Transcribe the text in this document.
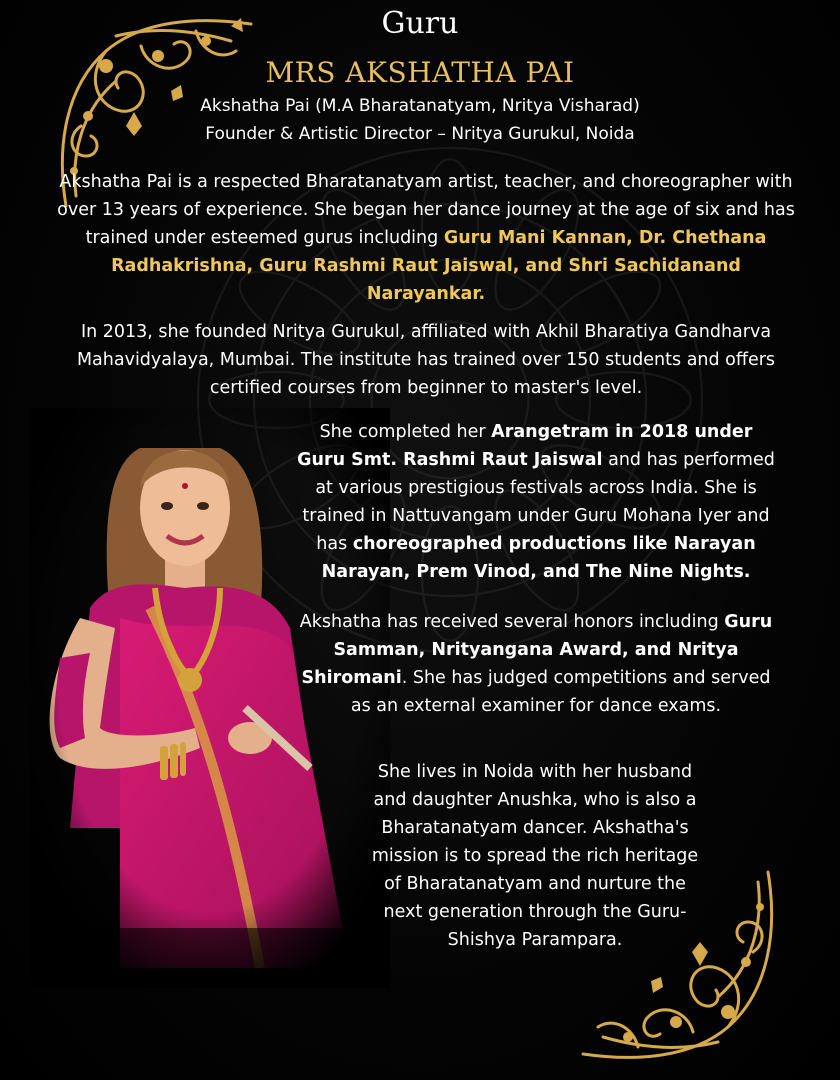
Guru
MRS AKSHATHA PAI
Akshatha Pai (M.A Bharatanatyam, Nritya Visharad)
Founder & Artistic Director – Nritya Gurukul, Noida
Akshatha Pai is a respected Bharatanatyam artist, teacher, and choreographer with over 13 years of experience. She began her dance journey at the age of six and has trained under esteemed gurus including Guru Mani Kannan, Dr. Chethana Radhakrishna, Guru Rashmi Raut Jaiswal, and Shri Sachidanand Narayankar.
In 2013, she founded Nritya Gurukul, affiliated with Akhil Bharatiya Gandharva Mahavidyalaya, Mumbai. The institute has trained over 150 students and offers certified courses from beginner to master's level.
She completed her Arangetram in 2018 under Guru Smt. Rashmi Raut Jaiswal and has performed at various prestigious festivals across India. She is trained in Nattuvangam under Guru Mohana Iyer and has choreographed productions like Narayan Narayan, Prem Vinod, and The Nine Nights.
Akshatha has received several honors including Guru Samman, Nrityangana Award, and Nritya Shiromani. She has judged competitions and served as an external examiner for dance exams.
She lives in Noida with her husband and daughter Anushka, who is also a Bharatanatyam dancer. Akshatha's mission is to spread the rich heritage of Bharatanatyam and nurture the next generation through the Guru-Shishya Parampara.
